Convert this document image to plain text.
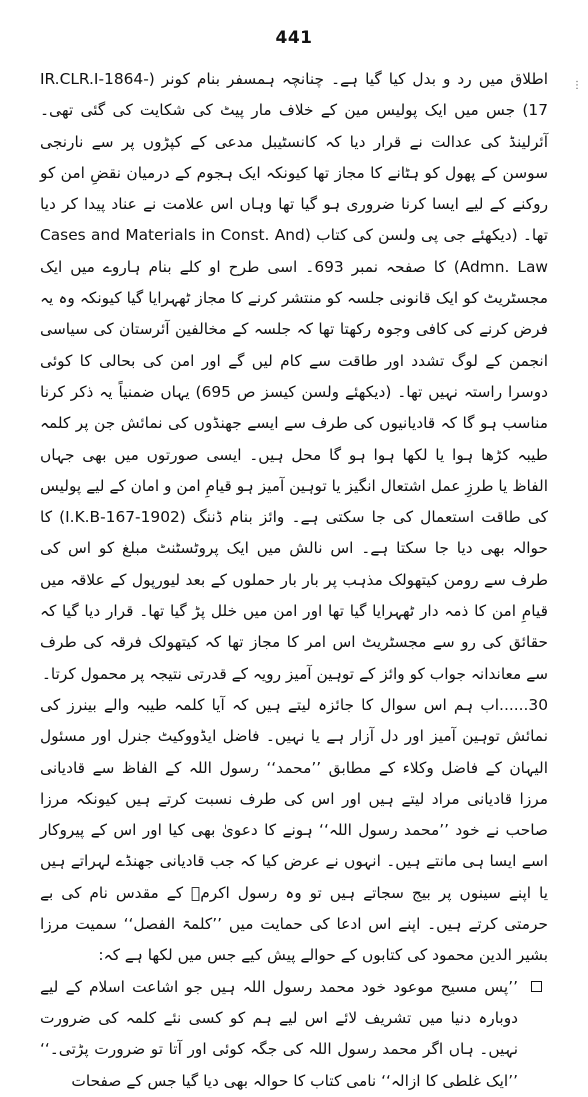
441
⋮

اطلاق میں رد و بدل کیا گیا ہے۔ چنانچہ ہمسفر بنام کونر (IR.CLR.I-1864-17) جس میں ایک پولیس مین کے خلاف مار پیٹ کی شکایت کی گئی تھی۔ آئرلینڈ کی عدالت نے قرار دیا کہ کانسٹیبل مدعی کے کپڑوں پر سے نارنجی سوسن کے پھول کو ہٹانے کا مجاز تھا کیونکہ ایک ہجوم کے درمیان نقضِ امن کو روکنے کے لیے ایسا کرنا ضروری ہو گیا تھا وہاں اس علامت نے عناد پیدا کر دیا تھا۔ (دیکھئے جی پی ولسن کی کتاب (Cases and Materials in Const. And Admn. Law) کا صفحہ نمبر 693۔ اسی طرح او کلے بنام ہاروے میں ایک مجسٹریٹ کو ایک قانونی جلسہ کو منتشر کرنے کا مجاز ٹھہرایا گیا کیونکہ وہ یہ فرض کرنے کی کافی وجوہ رکھتا تھا کہ جلسہ کے مخالفین آئرستان کی سیاسی انجمن کے لوگ تشدد اور طاقت سے کام لیں گے اور امن کی بحالی کا کوئی دوسرا راستہ نہیں تھا۔ (دیکھئے ولسن کیسز ص 695) یہاں ضمنیاً یہ ذکر کرنا مناسب ہو گا کہ قادیانیوں کی طرف سے ایسے جھنڈوں کی نمائش جن پر کلمہ طیبہ کڑھا ہوا یا لکھا ہوا ہو گا محل ہیں۔ ایسی صورتوں میں بھی جہاں الفاظ یا طرزِ عمل اشتعال انگیز یا توہین آمیز ہو قیامِ امن و امان کے لیے پولیس کی طاقت استعمال کی جا سکتی ہے۔ وائز بنام ڈننگ (1902-I.K.B-167) کا حوالہ بھی دیا جا سکتا ہے۔ اس نالش میں ایک پروٹسٹنٹ مبلغ کو اس کی طرف سے رومن کیتھولک مذہب پر بار بار حملوں کے بعد لیورپول کے علاقہ میں قیامِ امن کا ذمہ دار ٹھہرایا گیا تھا اور امن میں خلل پڑ گیا تھا۔ قرار دیا گیا کہ حقائق کی رو سے مجسٹریٹ اس امر کا مجاز تھا کہ کیتھولک فرقہ کی طرف سے معاندانہ جواب کو وائز کے توہین آمیز رویہ کے قدرتی نتیجہ پر محمول کرتا۔

30......اب ہم اس سوال کا جائزہ لیتے ہیں کہ آیا کلمہ طیبہ والے بینرز کی نمائش توہین آمیز اور دل آزار ہے یا نہیں۔ فاضل ایڈووکیٹ جنرل اور مسئول الیہان کے فاضل وکلاء کے مطابق ’’محمد‘‘ رسول اللہ کے الفاظ سے قادیانی مرزا قادیانی مراد لیتے ہیں اور اس کی طرف نسبت کرتے ہیں کیونکہ مرزا صاحب نے خود ’’محمد رسول اللہ‘‘ ہونے کا دعویٰ بھی کیا اور اس کے پیروکار اسے ایسا ہی مانتے ہیں۔ انہوں نے عرض کیا کہ جب قادیانی جھنڈے لہراتے ہیں یا اپنے سینوں پر بیج سجاتے ہیں تو وہ رسول اکرمؐ کے مقدس نام کی بے حرمتی کرتے ہیں۔ اپنے اس ادعا کی حمایت میں ’’کلمۃ الفصل‘‘ سمیت مرزا بشیر الدین محمود کی کتابوں کے حوالے پیش کیے جس میں لکھا ہے کہ:

’’پس مسیح موعود خود محمد رسول اللہ ہیں جو اشاعت اسلام کے لیے دوبارہ دنیا میں تشریف لائے اس لیے ہم کو کسی نئے کلمہ کی ضرورت نہیں۔ ہاں اگر محمد رسول اللہ کی جگہ کوئی اور آتا تو ضرورت پڑتی۔‘‘ ’’ایک غلطی کا ازالہ‘‘ نامی کتاب کا حوالہ بھی دیا گیا جس کے صفحات
